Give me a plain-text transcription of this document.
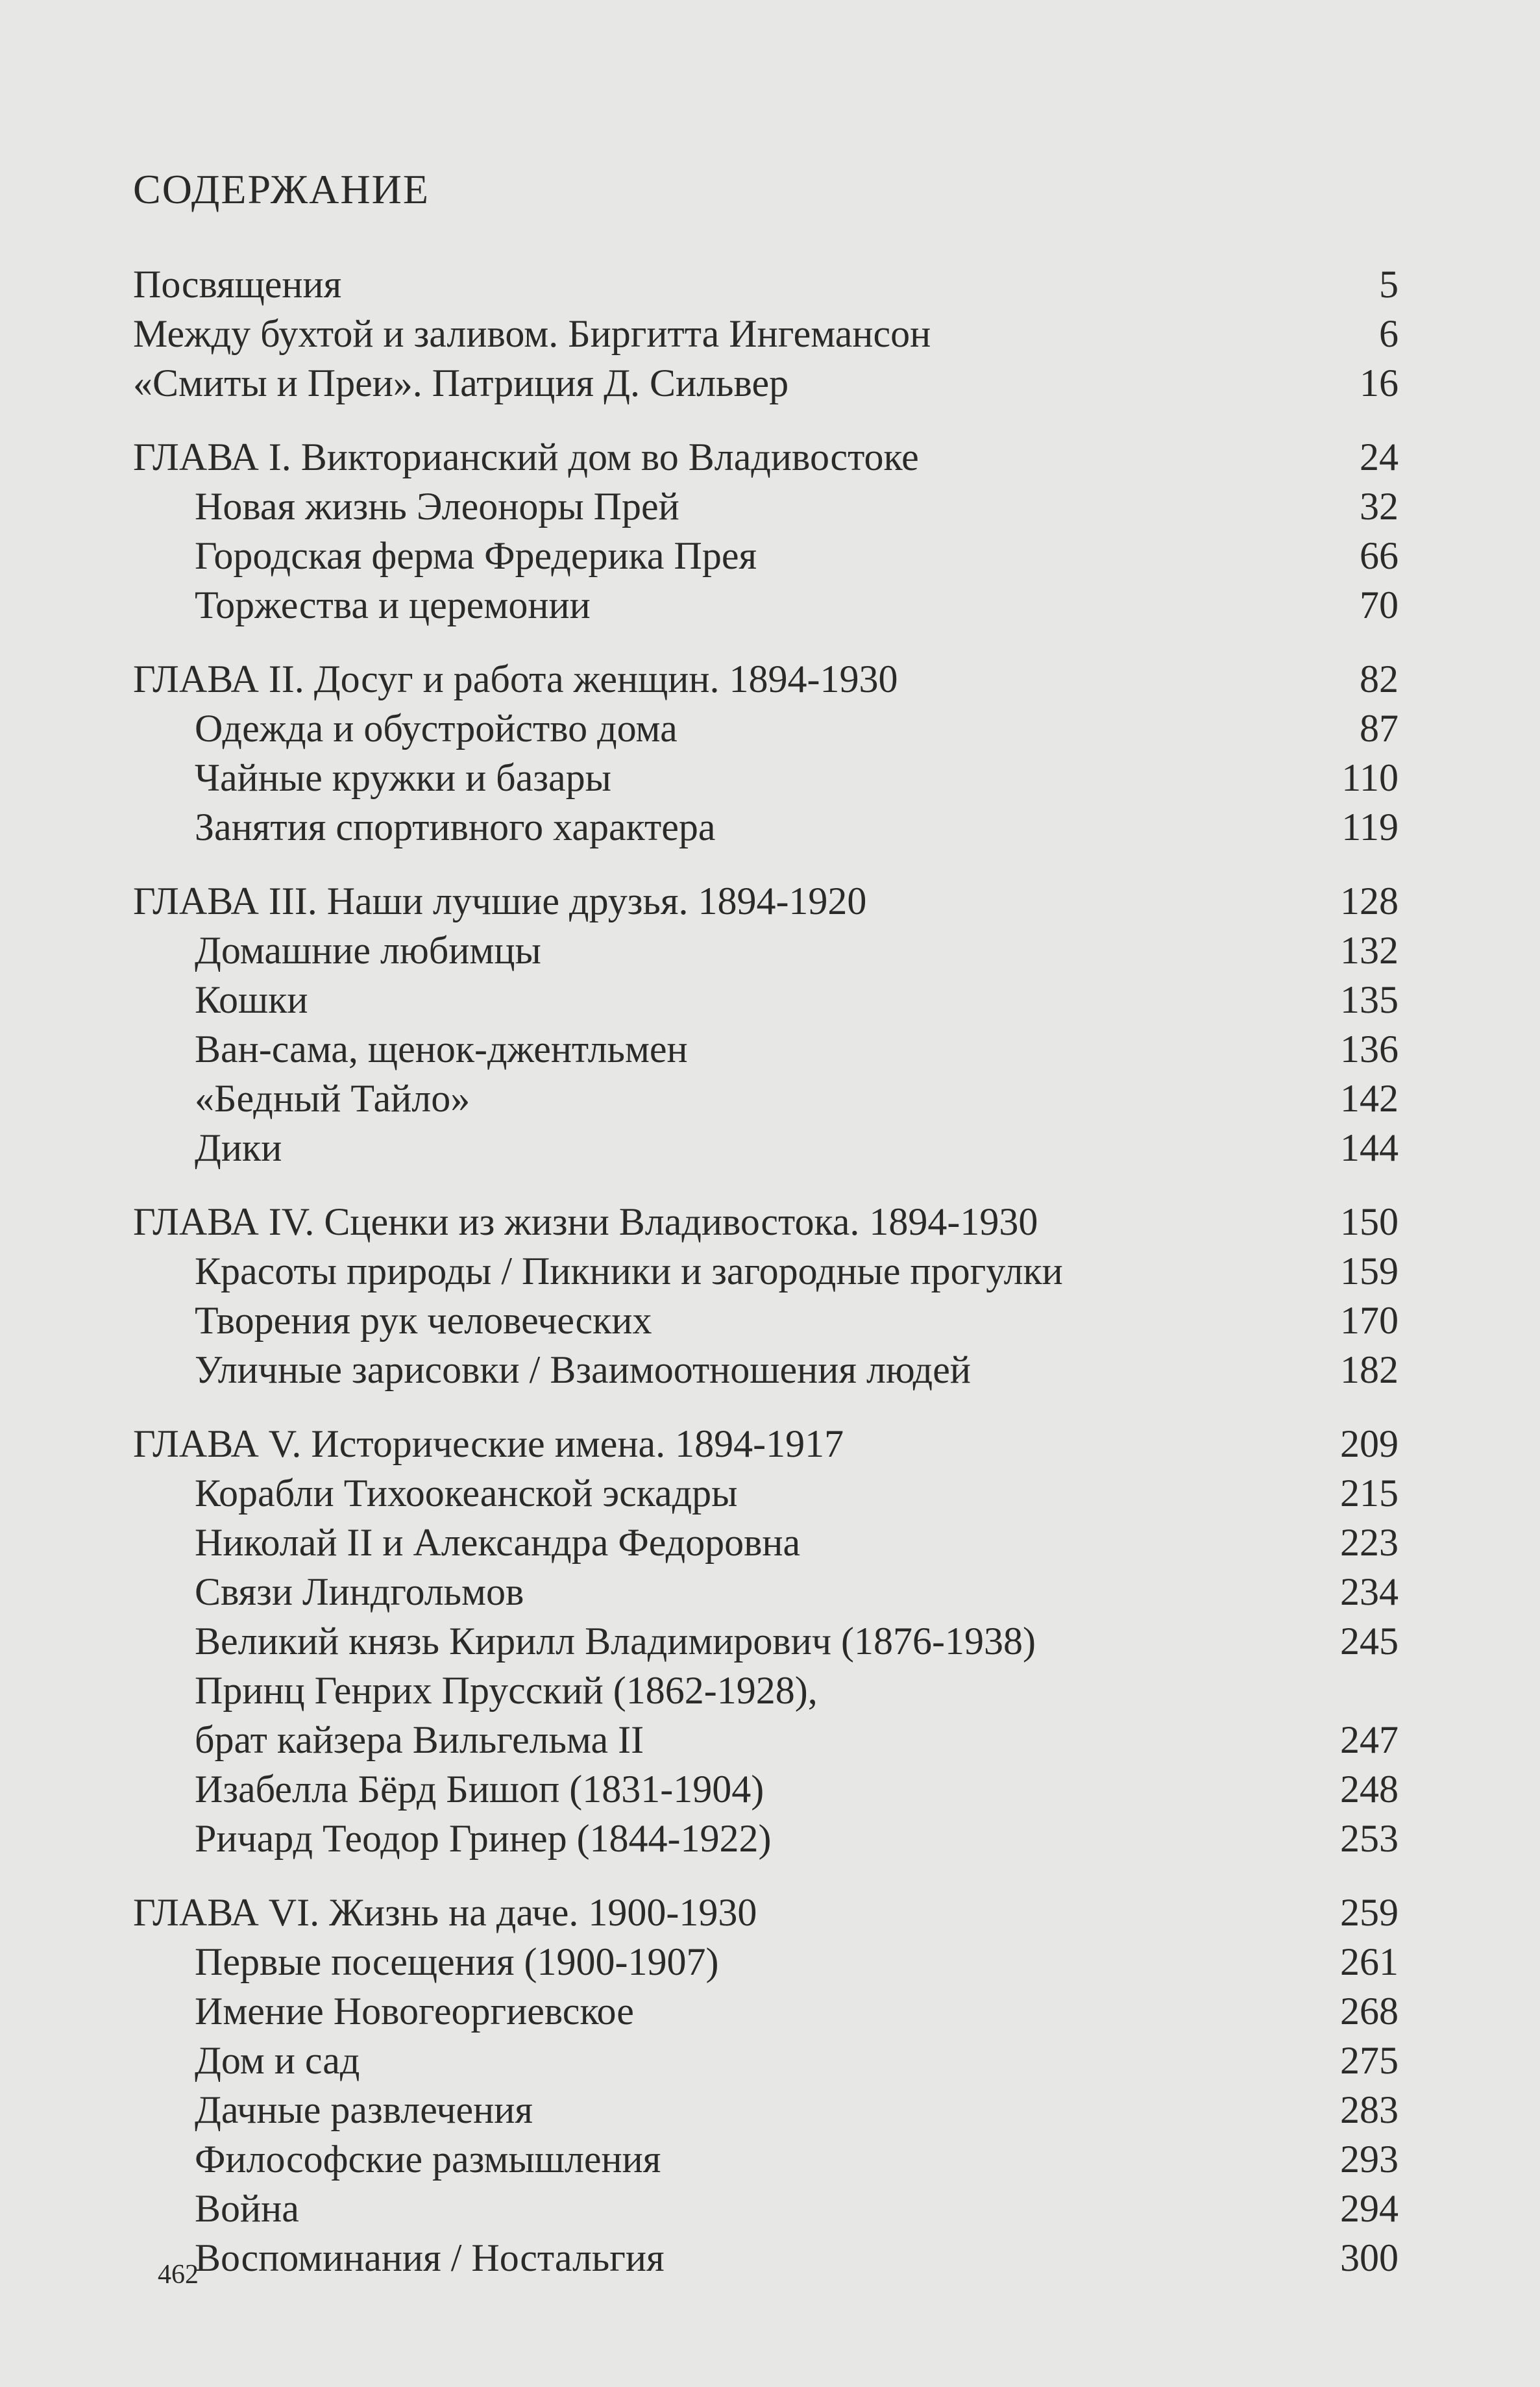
СОДЕРЖАНИЕ
Посвящения	5
Между бухтой и заливом. Биргитта Ингемансон	6
«Смиты и Преи». Патриция Д. Сильвер	16
ГЛАВА I. Викторианский дом во Владивостоке	24
Новая жизнь Элеоноры Прей	32
Городская ферма Фредерика Прея	66
Торжества и церемонии	70
ГЛАВА II. Досуг и работа женщин. 1894-1930	82
Одежда и обустройство дома	87
Чайные кружки и базары	110
Занятия спортивного характера	119
ГЛАВА III. Наши лучшие друзья. 1894-1920	128
Домашние любимцы	132
Кошки	135
Ван-сама, щенок-джентльмен	136
«Бедный Тайло»	142
Дики	144
ГЛАВА IV. Сценки из жизни Владивостока. 1894-1930	150
Красоты природы / Пикники и загородные прогулки	159
Творения рук человеческих	170
Уличные зарисовки / Взаимоотношения людей	182
ГЛАВА V. Исторические имена. 1894-1917	209
Корабли Тихоокеанской эскадры	215
Николай II и Александра Федоровна	223
Связи Линдгольмов	234
Великий князь Кирилл Владимирович (1876-1938)	245
Принц Генрих Прусский (1862-1928),
брат кайзера Вильгельма II	247
Изабелла Бёрд Бишоп (1831-1904)	248
Ричард Теодор Гринер (1844-1922)	253
ГЛАВА VI. Жизнь на даче. 1900-1930	259
Первые посещения (1900-1907)	261
Имение Новогеоргиевское	268
Дом и сад	275
Дачные развлечения	283
Философские размышления	293
Война	294
Воспоминания / Ностальгия	300
462
